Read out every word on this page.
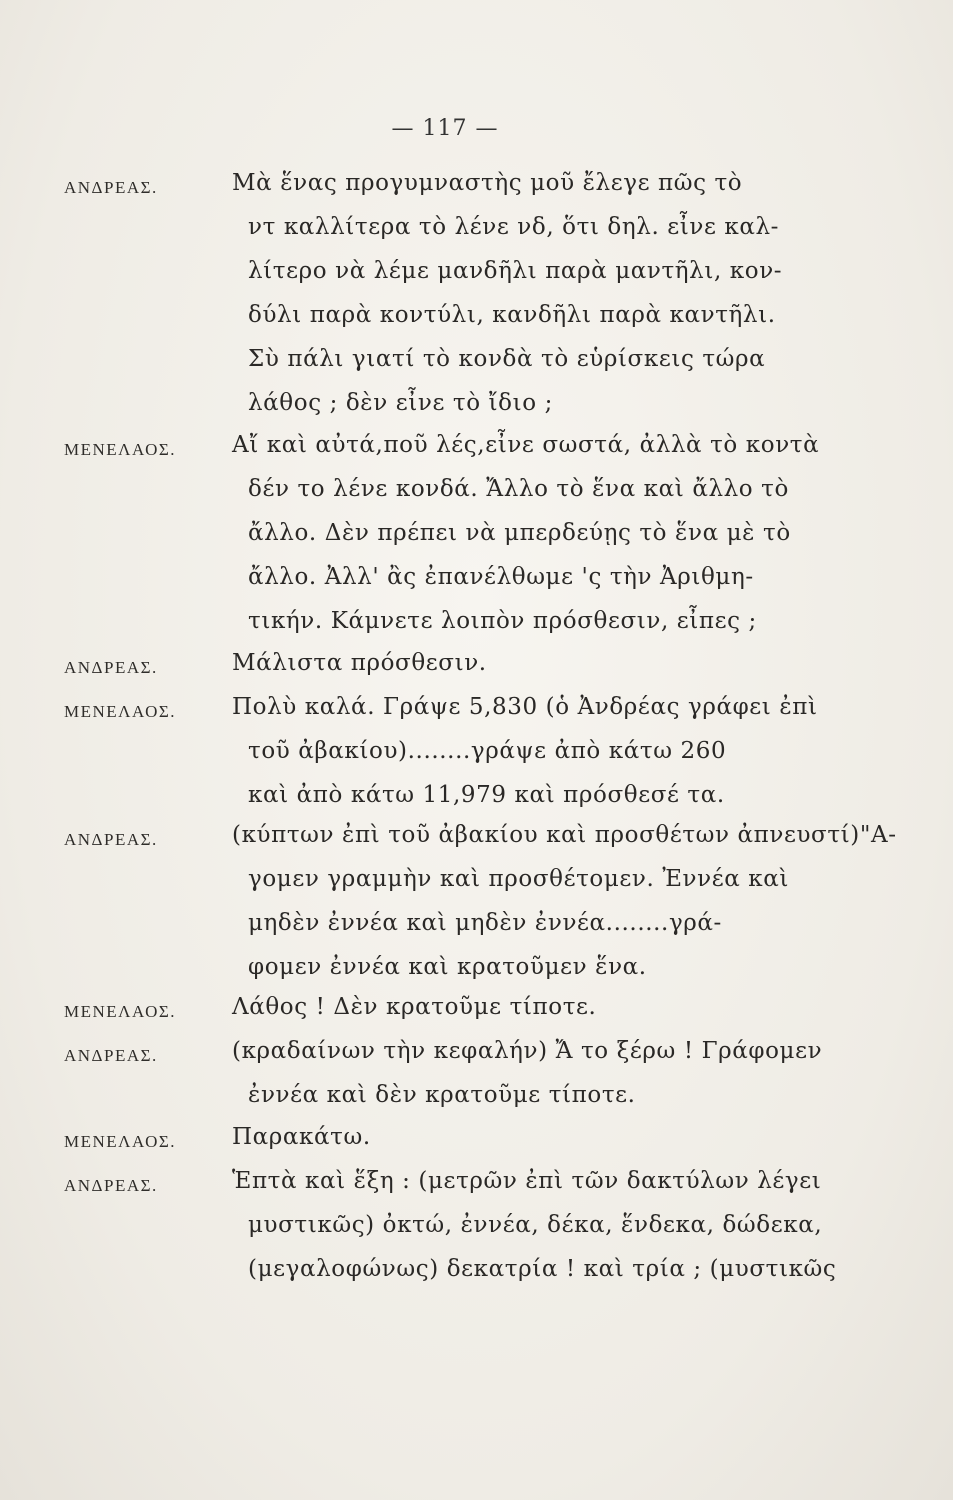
— 117 —
ΑΝΔΡΕΑΣ.	Μὰ ἕνας προγυμναστὴς μοῦ ἔλεγε πῶς τὸ
ντ καλλίτερα τὸ λένε νδ, ὅτι δηλ. εἶνε καλ-
λίτερο νὰ λέμε μανδῆλι παρὰ μαντῆλι, κον-
δύλι παρὰ κοντύλι, κανδῆλι παρὰ καντῆλι.
Σὺ πάλι γιατί τὸ κονδὰ τὸ εὑρίσκεις τώρα
λάθος ; δὲν εἶνε τὸ ἴδιο ;
ΜΕΝΕΛΑΟΣ. Αἴ καὶ αὐτά,ποῦ λές,εἶνε σωστά, ἀλλὰ τὸ κοντὰ
δέν το λένε κονδά. Ἄλλο τὸ ἕνα καὶ ἄλλο τὸ
ἄλλο. Δὲν πρέπει νὰ μπερδεύῃς τὸ ἕνα μὲ τὸ
ἄλλο. Ἀλλ' ἂς ἐπανέλθωμε 'ς τὴν Ἀριθμη-
τικήν. Κάμνετε λοιπὸν πρόσθεσιν, εἶπες ;
ΑΝΔΡΕΑΣ.	Μάλιστα πρόσθεσιν.
ΜΕΝΕΛΑΟΣ. Πολὺ καλά. Γράψε 5,830 (ὁ Ἀνδρέας γράφει ἐπὶ
τοῦ ἀβακίου)........γράψε ἀπὸ κάτω 260
καὶ ἀπὸ κάτω 11,979 καὶ πρόσθεσέ τα.
ΑΝΔΡΕΑΣ.	(κύπτων ἐπὶ τοῦ ἀβακίου καὶ προσθέτων ἀπνευστί)"Α-
γομεν γραμμὴν καὶ προσθέτομεν. Ἐννέα καὶ
μηδὲν ἐννέα καὶ μηδὲν ἐννέα........γρά-
φομεν ἐννέα καὶ κρατοῦμεν ἕνα.
ΜΕΝΕΛΑΟΣ. Λάθος ! Δὲν κρατοῦμε τίποτε.
ΑΝΔΡΕΑΣ.	(κραδαίνων τὴν κεφαλήν) Ἄ το ξέρω ! Γράφομεν
ἐννέα καὶ δὲν κρατοῦμε τίποτε.
ΜΕΝΕΛΑΟΣ. Παρακάτω.
ΑΝΔΡΕΑΣ.	Ἑπτὰ καὶ ἕξη : (μετρῶν ἐπὶ τῶν δακτύλων λέγει
μυστικῶς) ὀκτώ, ἐννέα, δέκα, ἕνδεκα, δώδεκα,
(μεγαλοφώνως) δεκατρία ! καὶ τρία ; (μυστικῶς
